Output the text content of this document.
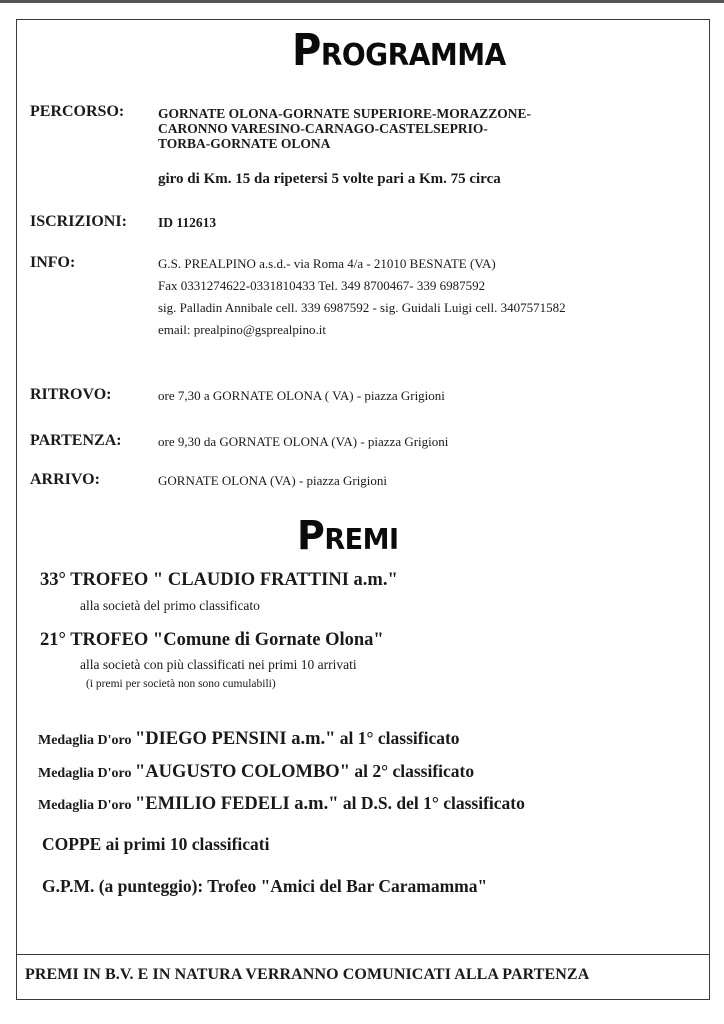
Programma
PERCORSO:	GORNATE OLONA-GORNATE SUPERIORE-MORAZZONE-
CARONNO VARESINO-CARNAGO-CASTELSEPRIO-
TORBA-GORNATE OLONA
giro di Km. 15 da ripetersi 5 volte pari a Km. 75 circa
ISCRIZIONI: ID 112613
INFO:	G.S. PREALPINO a.s.d.- via Roma 4/a - 21010 BESNATE (VA)
Fax 0331274622-0331810433 Tel. 349 8700467- 339 6987592
sig. Palladin Annibale cell. 339 6987592 - sig. Guidali Luigi cell. 3407571582
email: prealpino@gsprealpino.it
RITROVO:	ore 7,30 a GORNATE OLONA ( VA) - piazza Grigioni
PARTENZA:	ore 9,30 da GORNATE OLONA (VA) - piazza Grigioni
ARRIVO:	GORNATE OLONA (VA) - piazza Grigioni
Premi
33° TROFEO " CLAUDIO FRATTINI a.m."
alla società del primo classificato
21° TROFEO "Comune di Gornate Olona"
alla società con più classificati nei primi 10 arrivati
(i premi per società non sono cumulabili)
Medaglia D'oro "DIEGO PENSINI a.m." al 1° classificato
Medaglia D'oro "AUGUSTO COLOMBO" al 2° classificato
Medaglia D'oro "EMILIO FEDELI a.m." al D.S. del 1° classificato
COPPE ai primi 10 classificati
G.P.M. (a punteggio): Trofeo "Amici del Bar Caramamma"
PREMI IN B.V. E IN NATURA VERRANNO COMUNICATI ALLA PARTENZA
